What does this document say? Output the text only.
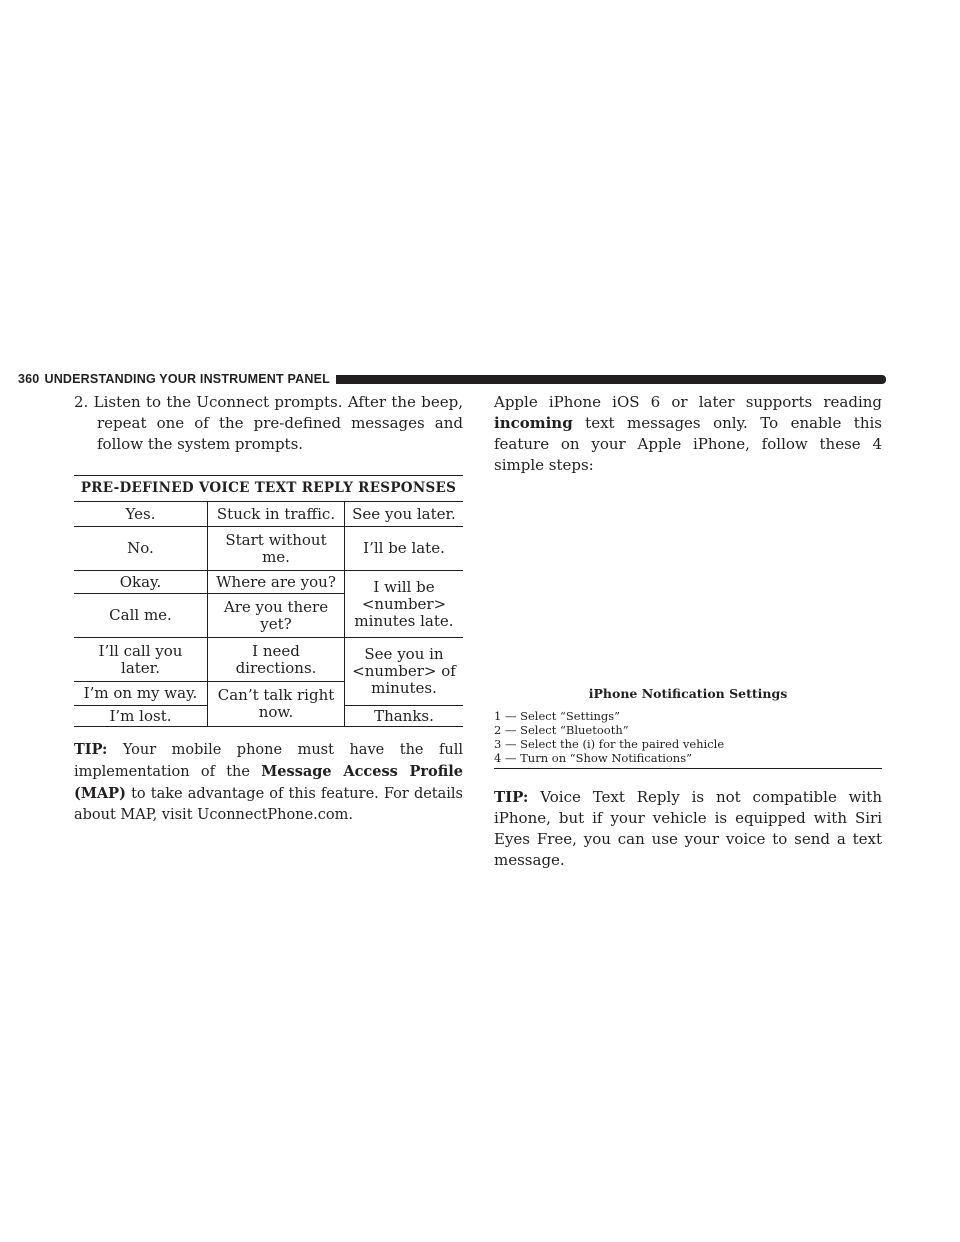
360 UNDERSTANDING YOUR INSTRUMENT PANEL

2. Listen to the Uconnect prompts. After the beep, repeat one of the pre-defined messages and follow the system prompts.

PRE-DEFINED VOICE TEXT REPLY RESPONSES		
Yes.	Stuck in traffic.	See you later.
No.	Start without me.	I’ll be late.
Okay.	Where are you?	I will be <number> minutes late.
Call me.	Are you there yet?	
I’ll call you later.	I need directions.	See you in <number> of minutes.
I’m on my way.	Can’t talk right now.	
I’m lost.		Thanks.

TIP: Your mobile phone must have the full implementation of the Message Access Profile (MAP) to take advantage of this feature. For details about MAP, visit UconnectPhone.com.

Apple iPhone iOS 6 or later supports reading incoming text messages only. To enable this feature on your Apple iPhone, follow these 4 simple steps:

iPhone Notification Settings

1 — Select “Settings”

2 — Select “Bluetooth”

3 — Select the (i) for the paired vehicle

4 — Turn on “Show Notifications”

TIP: Voice Text Reply is not compatible with iPhone, but if your vehicle is equipped with Siri Eyes Free, you can use your voice to send a text message.
